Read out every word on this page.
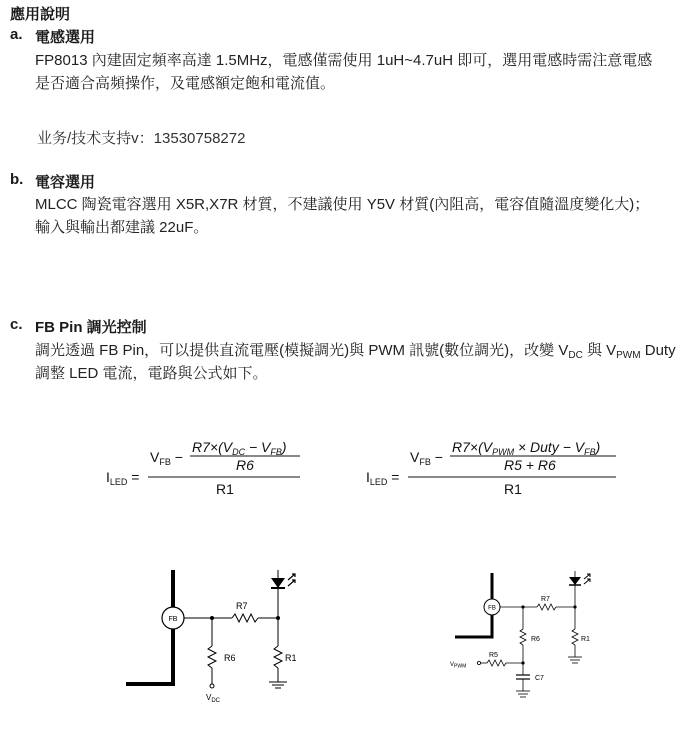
應用說明
a. 電感選用
FP8013 內建固定頻率高達 1.5MHz，電感僅需使用 1uH~4.7uH 即可，選用電感時需注意電感
是否適合高頻操作，及電感額定飽和電流值。
业务/技术支持v：13530758272
b. 電容選用
MLCC 陶瓷電容選用 X5R,X7R 材質，不建議使用 Y5V 材質(內阻高，電容值隨溫度變化大)；
輸入與輸出都建議 22uF。
c. FB Pin 調光控制
調光透過 FB Pin，可以提供直流電壓(模擬調光)與 PWM 訊號(數位調光)，改變 $V_{DC}$ 與 $V_{PWM}$ Duty
調整 LED 電流，電路與公式如下。
$I_{LED}$ =
$V_{FB}$ −
$R7\times(V_{DC} - V_{FB})$
R6
R1
$I_{LED}$ =
$V_{FB}$ −
$R7\times(V_{PWM}$ × Duty − $V_{FB}$)
R5 + R6
R1
FB
R7
R6
$V_{DC}$
R1
FB
R7
R6
$V_{PWM}$
R5
C7
R1
